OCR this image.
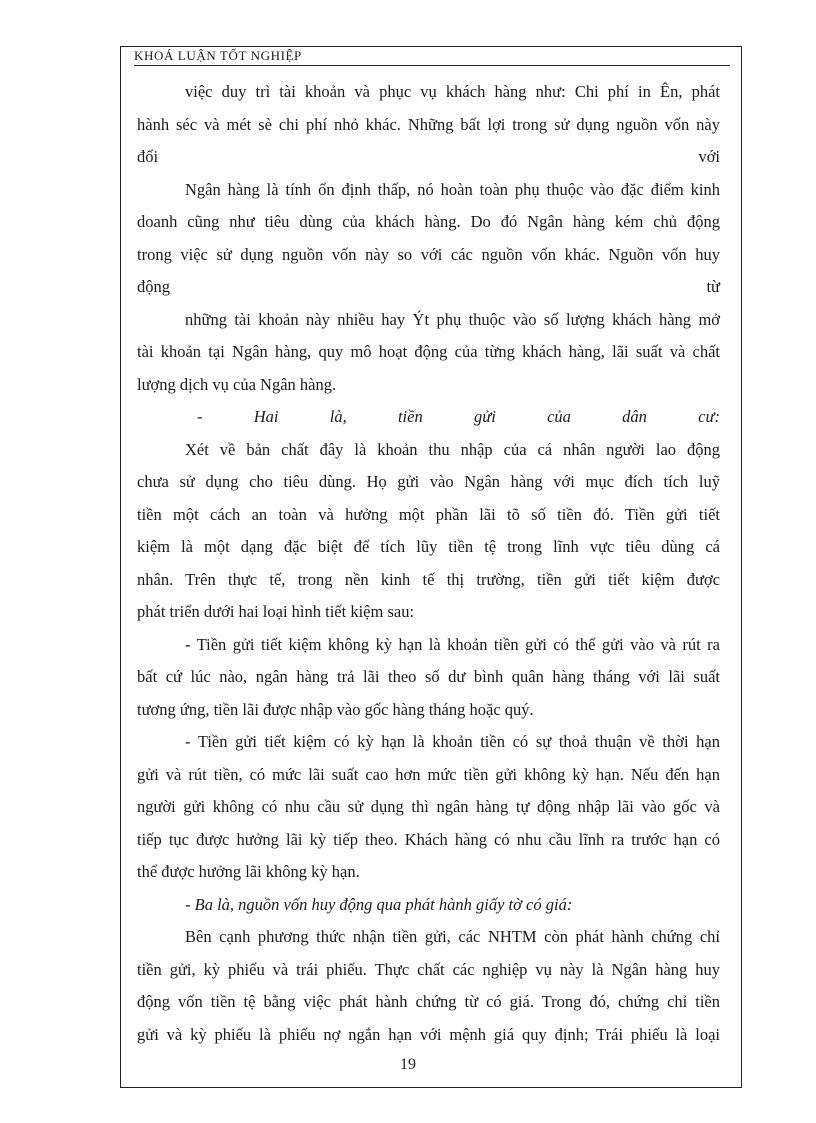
KHOÁ LUẬN TỐT NGHIỆP
việc duy trì tài khoản và phục vụ khách hàng như: Chi phí in Ên, phát
hành séc và mét sè chi phí nhỏ khác. Những bất lợi trong sử dụng nguồn vốn này
đối	với
Ngân hàng là tính ổn định thấp, nó hoàn toàn phụ thuộc vào đặc điểm kinh
doanh cũng như tiêu dùng của khách hàng. Do đó Ngân hàng kém chủ động
trong việc sử dụng nguồn vốn này so với các nguồn vốn khác. Nguồn vốn huy
động	từ
những tài khoản này nhiều hay Ýt phụ thuộc vào số lượng khách hàng mở
tài khoản tại Ngân hàng, quy mô hoạt động của từng khách hàng, lãi suất và chất
lượng dịch vụ của Ngân hàng.
-	Hai	là,	tiền	gửi	của	dân	cư:
Xét về bản chất đây là khoản thu nhập của cá nhân người lao động
chưa sử dụng cho tiêu dùng. Họ gửi vào Ngân hàng với mục đích tích luỹ
tiền một cách an toàn và hưởng một phần lãi tõ số tiền đó. Tiền gửi tiết
kiệm là một dạng đặc biệt để tích lũy tiền tệ trong lĩnh vực tiêu dùng cá
nhân. Trên thực tế, trong nền kinh tế thị trường, tiền gửi tiết kiệm được
phát triển dưới hai loại hình tiết kiệm sau:
- Tiền gửi tiết kiệm không kỳ hạn là khoản tiền gửi có thể gửi vào và rút ra
bất cứ lúc nào, ngân hàng trả lãi theo số dư bình quân hàng tháng với lãi suất
tương ứng, tiền lãi được nhập vào gốc hàng tháng hoặc quý.
- Tiền gửi tiết kiệm có kỳ hạn là khoản tiền có sự thoả thuận về thời hạn
gửi và rút tiền, có mức lãi suất cao hơn mức tiền gửi không kỳ hạn. Nếu đến hạn
người gửi không có nhu cầu sử dụng thì ngân hàng tự động nhập lãi vào gốc và
tiếp tục được hưởng lãi kỳ tiếp theo. Khách hàng có nhu cầu lĩnh ra trước hạn có
thể được hưởng lãi không kỳ hạn.
- Ba là, nguồn vốn huy động qua phát hành giấy tờ có giá:
Bên cạnh phương thức nhận tiền gửi, các NHTM còn phát hành chứng chỉ
tiền gửi, kỳ phiếu và trái phiếu. Thực chất các nghiệp vụ này là Ngân hàng huy
động vốn tiền tệ bằng việc phát hành chứng từ có giá. Trong đó, chứng chỉ tiền
gửi và kỳ phiếu là phiếu nợ ngắn hạn với mệnh giá quy định; Trái phiếu là loại
19
